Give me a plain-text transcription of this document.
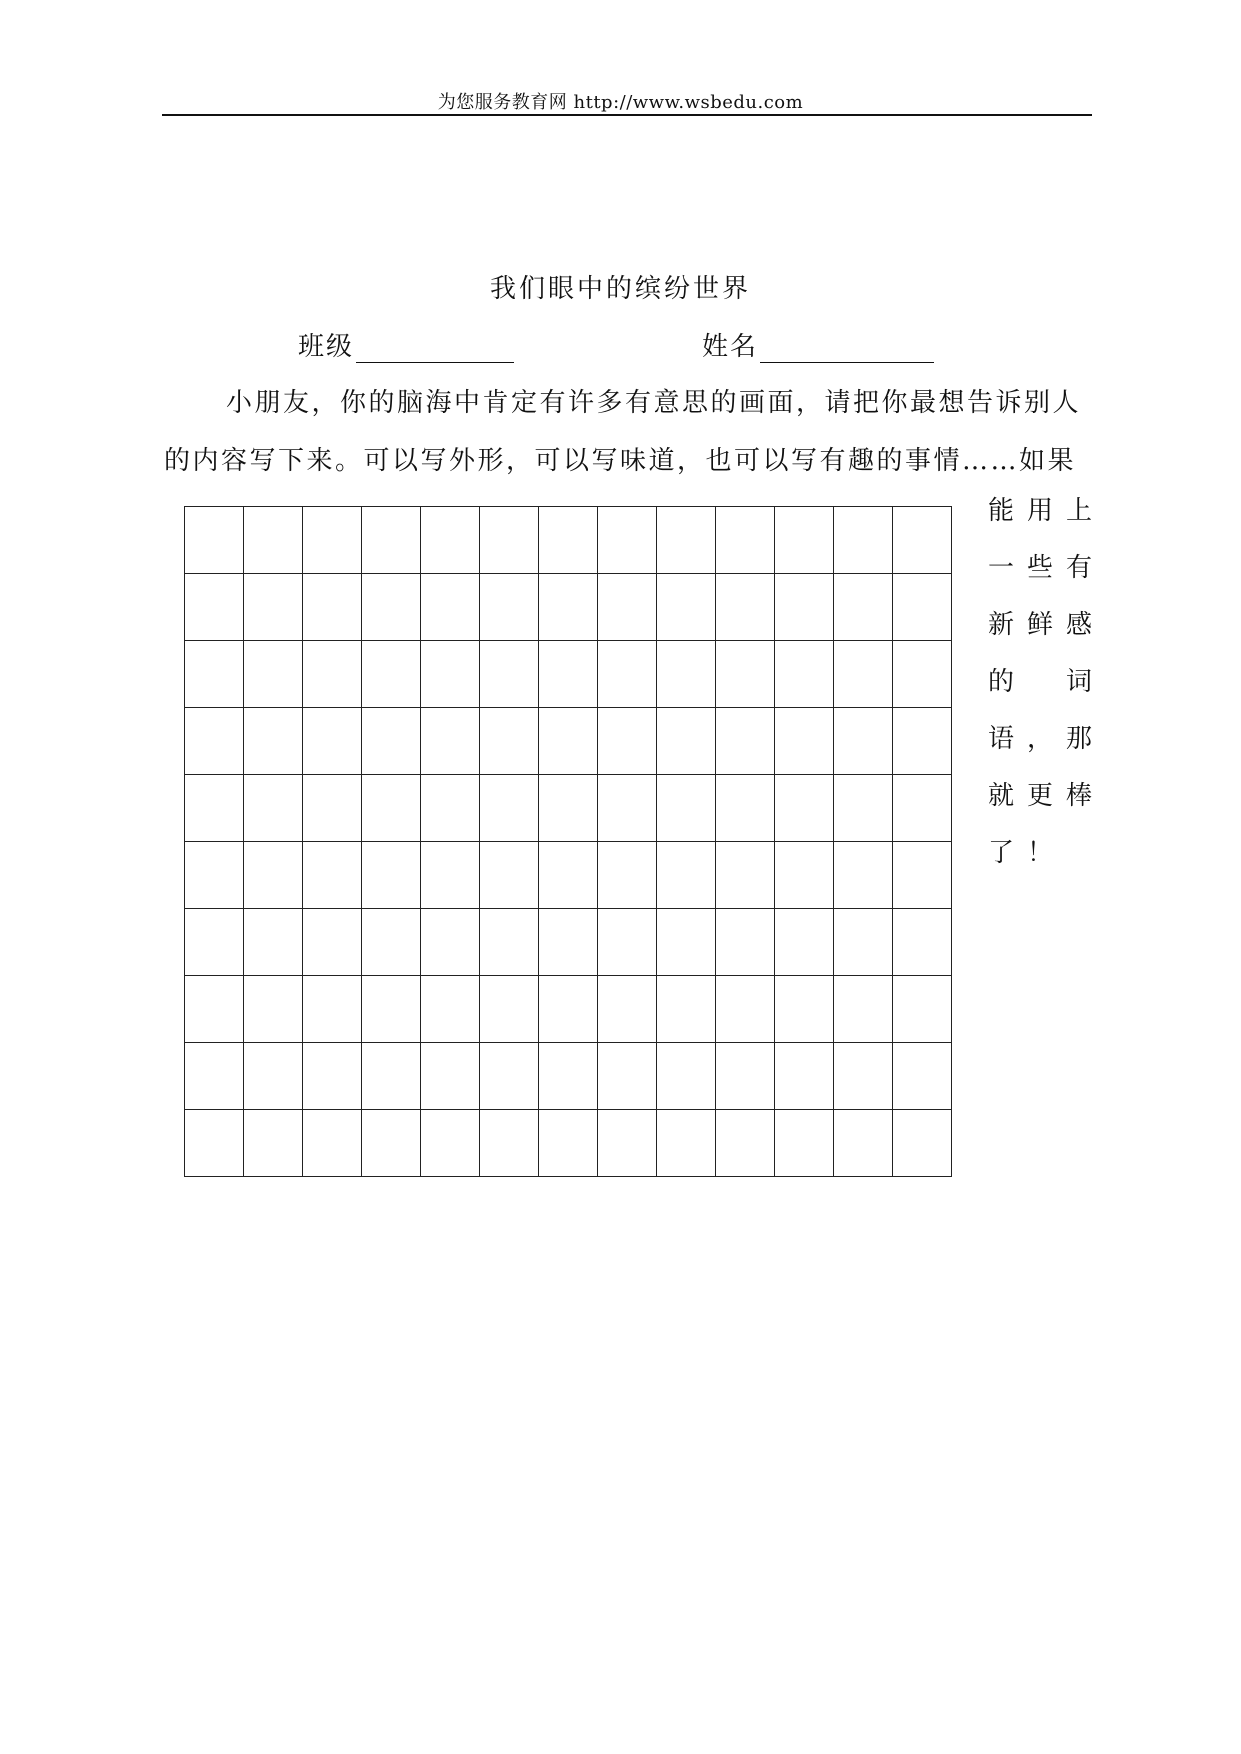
为您服务教育网 http://www.wsbedu.com
我们眼中的缤纷世界
班级	姓名
小朋友，你的脑海中肯定有许多有意思的画面，请把你最想告诉别人
的内容写下来。可以写外形，可以写味道，也可以写有趣的事情……如果

能 用 上
一 些 有
新 鲜 感
的 词
语 ， 那
就 更 棒
了 ！
